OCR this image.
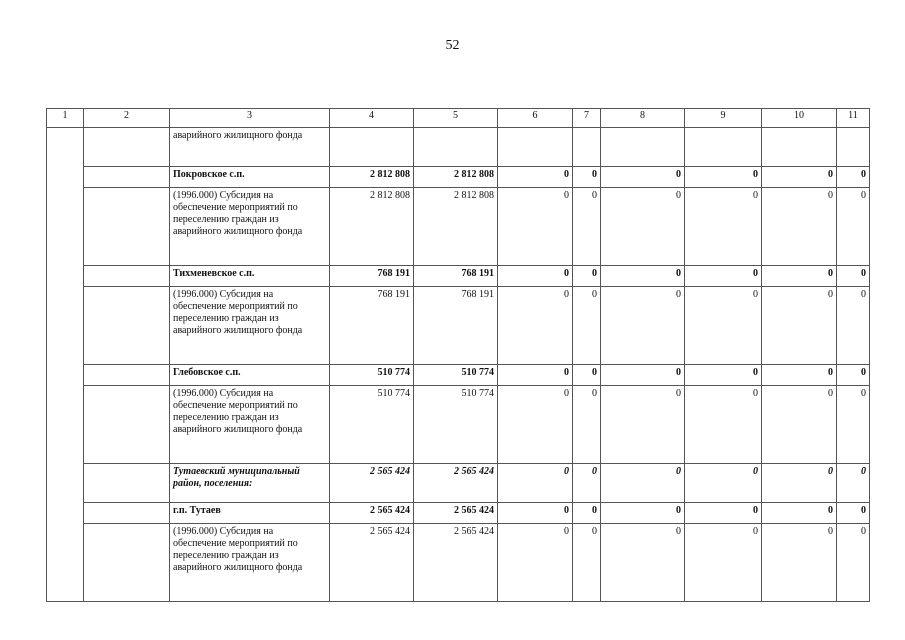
52
1	2	3	4	5	6	7	8	9	10	11
		аварийного жилищного фонда								
		Покровское с.п.	2 812 808	2 812 808	0	0	0	0	0	0
		(1996.000) Субсидия на обеспечение мероприятий по переселению граждан из аварийного жилищного фонда	2 812 808	2 812 808	0	0	0	0	0	0
		Тихменевское с.п.	768 191	768 191	0	0	0	0	0	0
		(1996.000) Субсидия на обеспечение мероприятий по переселению граждан из аварийного жилищного фонда	768 191	768 191	0	0	0	0	0	0
		Глебовское с.п.	510 774	510 774	0	0	0	0	0	0
		(1996.000) Субсидия на обеспечение мероприятий по переселению граждан из аварийного жилищного фонда	510 774	510 774	0	0	0	0	0	0
		Тутаевский муниципальный район, поселения:	2 565 424	2 565 424	0	0	0	0	0	0
		г.п. Тутаев	2 565 424	2 565 424	0	0	0	0	0	0
		(1996.000) Субсидия на обеспечение мероприятий по переселению граждан из аварийного жилищного фонда	2 565 424	2 565 424	0	0	0	0	0	0
